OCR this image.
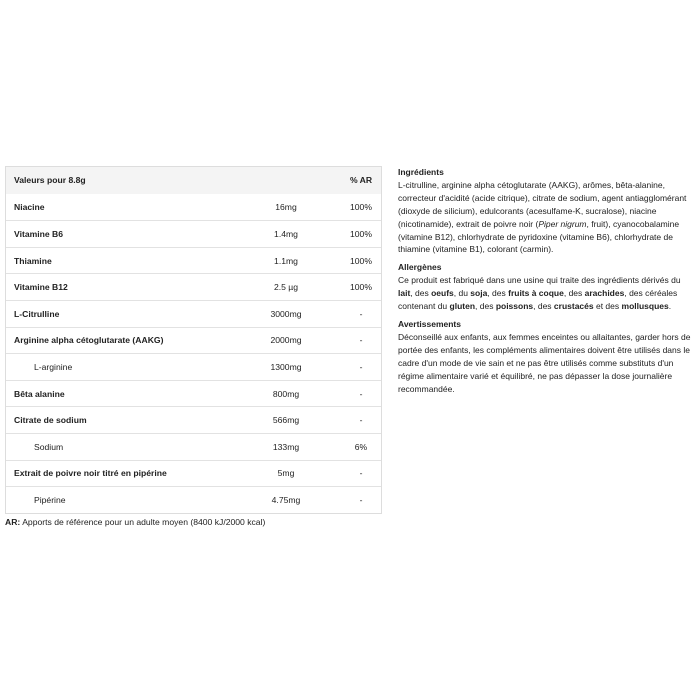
Valeurs pour 8.8g	% AR
Niacine	16mg	100%
Vitamine B6	1.4mg	100%
Thiamine	1.1mg	100%
Vitamine B12	2.5 µg	100%
L-Citrulline	3000mg	-
Arginine alpha cétoglutarate (AAKG)	2000mg	-
L-arginine	1300mg	-
Bêta alanine	800mg	-
Citrate de sodium	566mg	-
Sodium	133mg	6%
Extrait de poivre noir titré en pipérine	5mg	-
Pipérine	4.75mg	-
AR: Apports de référence pour un adulte moyen (8400 kJ/2000 kcal)
Ingrédients

L-citrulline, arginine alpha cétoglutarate (AAKG), arômes, bêta-alanine, correcteur d'acidité (acide citrique), citrate de sodium, agent antiagglomérant (dioxyde de silicium), edulcorants (acesulfame-K, sucralose), niacine (nicotinamide), extrait de poivre noir (Piper nigrum, fruit), cyanocobalamine (vitamine B12), chlorhydrate de pyridoxine (vitamine B6), chlorhydrate de thiamine (vitamine B1), colorant (carmin).

Allergènes

Ce produit est fabriqué dans une usine qui traite des ingrédients dérivés du lait, des oeufs, du soja, des fruits à coque, des arachides, des céréales contenant du gluten, des poissons, des crustacés et des mollusques.

Avertissements

Déconseillé aux enfants, aux femmes enceintes ou allaitantes, garder hors de portée des enfants, les compléments alimentaires doivent être utilisés dans le cadre d'un mode de vie sain et ne pas être utilisés comme substituts d'un régime alimentaire varié et équilibré, ne pas dépasser la dose journalière recommandée.
